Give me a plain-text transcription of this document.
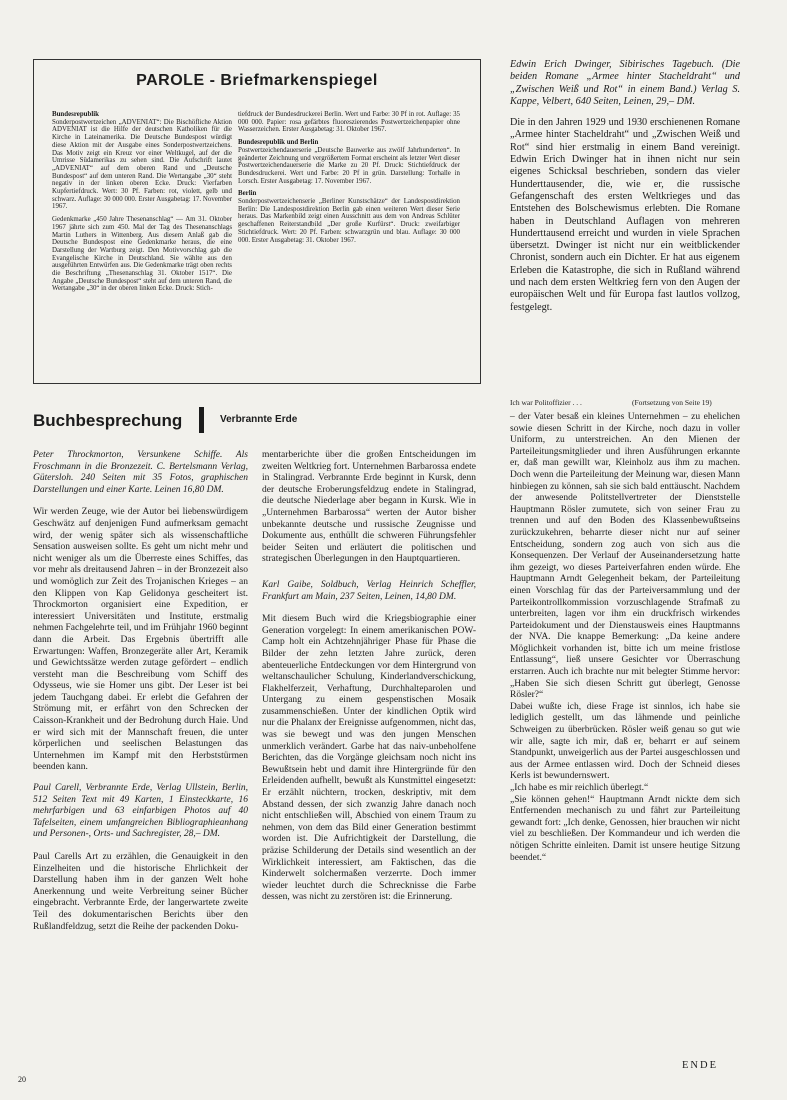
PAROLE - Briefmarkenspiegel

Bundesrepublik
Sonderpostwertzeichen „ADVENIAT“: Die Bischöfliche Aktion ADVENIAT ist die Hilfe der deutschen Katholiken für die Kirche in Lateinamerika. Die Deutsche Bundespost würdigt diese Aktion mit der Ausgabe eines Sonderpostwertzeichens. Das Motiv zeigt ein Kreuz vor einer Weltkugel, auf der die Umrisse Südamerikas zu sehen sind. Die Aufschrift lautet „ADVENIAT“ auf dem oberen Rand und „Deutsche Bundespost“ auf dem unteren Rand. Die Wertangabe „30“ steht negativ in der linken oberen Ecke. Druck: Vierfarben Kupfertiefdruck. Wert: 30 Pf. Farben: rot, violett, gelb und schwarz. Auflage: 30 000 000. Erster Ausgabetag: 17. November 1967.

Gedenkmarke „450 Jahre Thesenanschlag“ — Am 31. Oktober 1967 jährte sich zum 450. Mal der Tag des Thesenanschlags Martin Luthers in Wittenberg. Aus diesem Anlaß gab die Deutsche Bundespost eine Gedenkmarke heraus, die eine Darstellung der Wartburg zeigt. Den Motivvorschlag gab die Evangelische Kirche in Deutschland. Sie wählte aus den ausgeführten Entwürfen aus. Die Gedenkmarke trägt oben rechts die Beschriftung „Thesenanschlag 31. Oktober 1517“. Die Angabe „Deutsche Bundespost“ steht auf dem unteren Rand, die Wertangabe „30“ in der oberen linken Ecke. Druck: Stich-

tiefdruck der Bundesdruckerei Berlin. Wert und Farbe: 30 Pf in rot. Auflage: 35 000 000. Papier: rosa gefärbtes fluoreszierendes Postwertzeichenpapier ohne Wasserzeichen. Erster Ausgabetag: 31. Oktober 1967.

Bundesrepublik und Berlin
Postwertzeichendauerserie „Deutsche Bauwerke aus zwölf Jahrhunderten“. In geänderter Zeichnung und vergrößertem Format erscheint als letzter Wert dieser Postwertzeichendauerserie die Marke zu 20 Pf. Druck: Stichtiefdruck der Bundesdruckerei. Wert und Farbe: 20 Pf in grün. Darstellung: Torhalle in Lorsch. Erster Ausgabetag: 17. November 1967.

Berlin
Sonderpostwertzeichenserie „Berliner Kunstschätze“ der Landespostdirektion Berlin: Die Landespostdirektion Berlin gab einen weiteren Wert dieser Serie heraus. Das Markenbild zeigt einen Ausschnitt aus dem von Andreas Schlüter geschaffenen Reiterstandbild „Der große Kurfürst“. Druck: zweifarbiger Stichtiefdruck. Wert: 20 Pf. Farben: schwarzgrün und blau. Auflage: 30 000 000. Erster Ausgabetag: 31. Oktober 1967.

Edwin Erich Dwinger, Sibirisches Tagebuch. (Die beiden Romane „Armee hinter Stacheldraht“ und „Zwischen Weiß und Rot“ in einem Band.) Verlag S. Kappe, Velbert, 640 Seiten, Leinen, 29,– DM.

Die in den Jahren 1929 und 1930 erschienenen Romane „Armee hinter Stacheldraht“ und „Zwischen Weiß und Rot“ sind hier erstmalig in einem Band vereinigt. Edwin Erich Dwinger hat in ihnen nicht nur sein eigenes Schicksal beschrieben, sondern das vieler Hunderttausender, die, wie er, die russische Gefangenschaft des ersten Weltkrieges und das Entstehen des Bolschewismus erlebten. Die Romane haben in Deutschland Auflagen von mehreren Hunderttausend erreicht und wurden in viele Sprachen übersetzt. Dwinger ist nicht nur ein weitblickender Chronist, sondern auch ein Dichter. Er hat aus eigenem Erleben die Katastrophe, die sich in Rußland während und nach dem ersten Weltkrieg fern von den Augen der europäischen Welt und für Europa fast lautlos vollzog, festgelegt.

Buchbesprechung	Verbrannte Erde

Peter Throckmorton, Versunkene Schiffe. Als Froschmann in die Bronzezeit. C. Bertelsmann Verlag, Gütersloh. 240 Seiten mit 35 Fotos, graphischen Darstellungen und einer Karte. Leinen 16,80 DM.

Wir werden Zeuge, wie der Autor bei liebenswürdigem Geschwätz auf denjenigen Fund aufmerksam gemacht wird, der wenig später sich als wissenschaftliche Sensation ausweisen sollte. Es geht um nicht mehr und nicht weniger als um die Überreste eines Schiffes, das vor mehr als dreitausend Jahren – in der Bronzezeit also und womöglich zur Zeit des Trojanischen Krieges – an den Klippen von Kap Gelidonya gescheitert ist. Throckmorton organisiert eine Expedition, er interessiert Universitäten und Institute, erstmalig nehmen Fachgelehrte teil, und im Frühjahr 1960 beginnt dann die Arbeit. Das Ergebnis übertrifft alle Erwartungen: Waffen, Bronzegeräte aller Art, Keramik und Gewichtssätze werden zutage gefördert – endlich versteht man die Beschreibung vom Schiff des Odysseus, wie sie Homer uns gibt. Der Leser ist bei jedem Tauchgang dabei. Er erlebt die Gefahren der Strömung mit, er erfährt von den Schrecken der Caisson-Krankheit und der Bedrohung durch Haie. Und er wird sich mit der Mannschaft freuen, die unter körperlichen und seelischen Belastungen das Unternehmen im Kampf mit den Herbststürmen beenden kann.

Paul Carell, Verbrannte Erde, Verlag Ullstein, Berlin, 512 Seiten Text mit 49 Karten, 1 Einsteckkarte, 16 mehrfarbigen und 63 einfarbigen Photos auf 40 Tafelseiten, einem umfangreichen Bibliographieanhang und Personen-, Orts- und Sachregister, 28,– DM.

Paul Carells Art zu erzählen, die Genauigkeit in den Einzelheiten und die historische Ehrlichkeit der Darstellung haben ihm in der ganzen Welt hohe Anerkennung und weite Verbreitung seiner Bücher eingebracht. Verbrannte Erde, der langerwartete zweite Teil des dokumentarischen Berichts über den Rußlandfeldzug, setzt die Reihe der packenden Doku-

mentarberichte über die großen Entscheidungen im zweiten Weltkrieg fort. Unternehmen Barbarossa endete in Stalingrad. Verbrannte Erde beginnt in Kursk, denn der deutsche Eroberungsfeldzug endete in Stalingrad, die deutsche Niederlage aber begann in Kursk. Wie in „Unternehmen Barbarossa“ werten der Autor bisher unbekannte deutsche und russische Zeugnisse und Dokumente aus, enthüllt die schweren Führungsfehler beider Seiten und erläutert die politischen und strategischen Überlegungen in den Hauptquartieren.

Karl Gaibe, Soldbuch, Verlag Heinrich Scheffler, Frankfurt am Main, 237 Seiten, Leinen, 14,80 DM.

Mit diesem Buch wird die Kriegsbiographie einer Generation vorgelegt: In einem amerikanischen POW-Camp holt ein Achtzehnjähriger Phase für Phase die Bilder der zehn letzten Jahre zurück, deren abenteuerliche Entdeckungen vor dem Hintergrund von weltanschaulicher Schulung, Kinderlandverschickung, Flakhelferzeit, Verhaftung, Durchhalteparolen und Untergang zu einem gespenstischen Mosaik zusammenschießen. Unter der kindlichen Optik wird nur die Phalanx der Ereignisse aufgenommen, nicht das, was sie bewegt und was den jungen Menschen unmerklich verändert. Garbe hat das naiv-unbeholfene Berichten, das die Vorgänge gleichsam noch nicht ins Bewußtsein hebt und damit ihre Hintergründe für den Erleidenden aufhellt, bewußt als Kunstmittel eingesetzt: Er erzählt nüchtern, trocken, deskriptiv, mit dem Abstand dessen, der sich zwanzig Jahre danach noch nicht entschließen will, Abschied von einem Traum zu nehmen, von dem das Bild einer Generation bestimmt worden ist. Die Aufrichtigkeit der Darstellung, die präzise Schilderung der Details sind wesentlich an der Wirklichkeit interessiert, am Faktischen, das die Kinderwelt solchermaßen verzerrte. Doch immer wieder leuchtet durch die Schrecknisse die Farbe dessen, was nicht zu zerstören ist: die Erinnerung.

Ich war Politoffizier . . .	(Fortsetzung von Seite 19)

– der Vater besaß ein kleines Unternehmen – zu ehelichen sowie diesen Schritt in der Kirche, noch dazu in voller Uniform, zu unterstreichen. An den Mienen der Parteileitungsmitglieder und ihren Ausführungen erkannte er, daß man gewillt war, Kleinholz aus ihm zu machen. Doch wenn die Parteileitung der Meinung war, diesen Mann hinbiegen zu können, sah sie sich bald enttäuscht. Nachdem der anwesende Politstellvertreter der Dienststelle Hauptmann Rösler zumutete, sich von seiner Frau zu trennen und auf den Boden des Klassenbewußtseins zurückzukehren, beharrte dieser nicht nur auf seiner Entscheidung, sondern zog auch von sich aus die Konsequenzen. Der Verlauf der Auseinandersetzung hatte ihm gezeigt, wo dieses Parteiverfahren enden würde. Ehe Hauptmann Arndt Gelegenheit bekam, der Parteileitung einen Vorschlag für das der Parteiversammlung und der Parteikontrollkommission vorzuschlagende Strafmaß zu unterbreiten, lagen vor ihm ein druckfrisch wirkendes Parteidokument und der Dienstausweis eines Hauptmanns der NVA. Die knappe Bemerkung: „Da keine andere Möglichkeit vorhanden ist, bitte ich um meine fristlose Entlassung“, ließ unsere Gesichter vor Überraschung erstarren. Auch ich brachte nur mit belegter Stimme hervor: „Haben Sie sich diesen Schritt gut überlegt, Genosse Rösler?“
Dabei wußte ich, diese Frage ist sinnlos, ich habe sie lediglich gestellt, um das lähmende und peinliche Schweigen zu überbrücken. Rösler weiß genau so gut wie wir alle, sagte ich mir, daß er, beharrt er auf seinem Standpunkt, unweigerlich aus der Partei ausgeschlossen und aus der Armee entlassen wird. Doch der Schneid dieses Kerls ist bewundernswert.
„Ich habe es mir reichlich überlegt.“
„Sie können gehen!“ Hauptmann Arndt nickte dem sich Entfernenden mechanisch zu und fährt zur Parteileitung gewandt fort: „Ich denke, Genossen, hier brauchen wir nicht viel zu beschließen. Der Kommandeur und ich werden die nötigen Schritte einleiten. Damit ist unsere heutige Sitzung beendet.“

ENDE
20
